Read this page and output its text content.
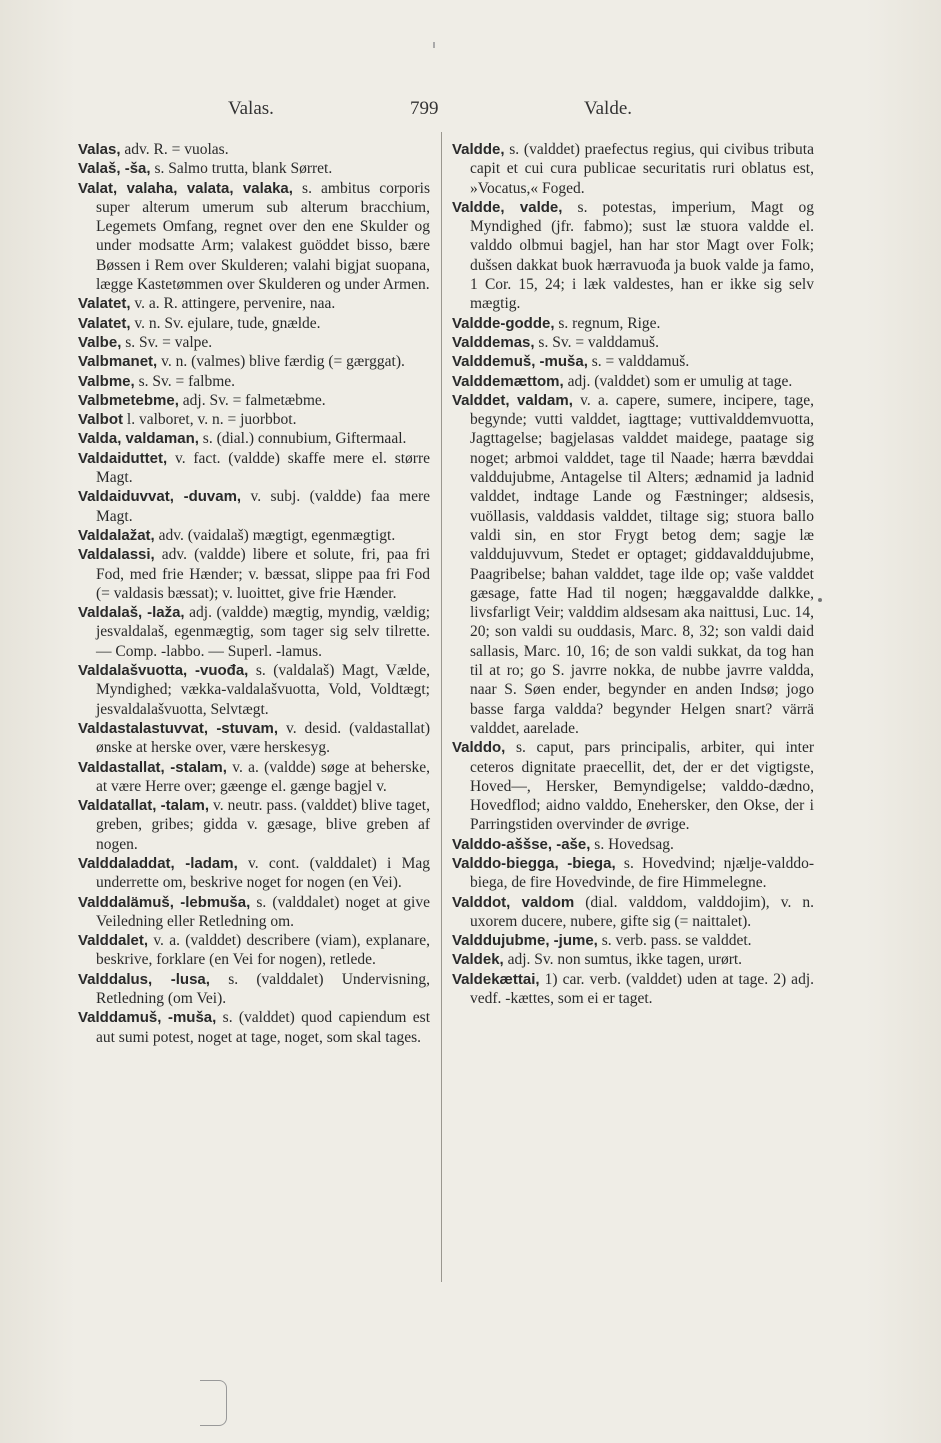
Valas.	799	Valde.

Valas, adv. R. = vuolas.

Valaš, -ša, s. Salmo trutta, blank Sørret.

Valat, valaha, valata, valaka, s. ambitus corporis super alterum umerum sub alterum bracchium, Legemets Omfang, regnet over den ene Skulder og under modsatte Arm; valakest guöddet bisso, bære Bøssen i Rem over Skulderen; valahi bigjat suopana, lægge Kastetømmen over Skulderen og under Armen.

Valatet, v. a. R. attingere, pervenire, naa.

Valatet, v. n. Sv. ejulare, tude, gnælde.

Valbe, s. Sv. = valpe.

Valbmanet, v. n. (valmes) blive færdig (= gærggat).

Valbme, s. Sv. = falbme.

Valbmetebme, adj. Sv. = falmetæbme.

Valbot l. valboret, v. n. = juorbbot.

Valda, valdaman, s. (dial.) connubium, Giftermaal.

Valdaiduttet, v. fact. (valdde) skaffe mere el. større Magt.

Valdaiduvvat, -duvam, v. subj. (valdde) faa mere Magt.

Valdalažat, adv. (vaidalaš) mægtigt, egenmægtigt.

Valdalassi, adv. (valdde) libere et solute, fri, paa fri Fod, med frie Hænder; v. bæssat, slippe paa fri Fod (= valdasis bæssat); v. luoittet, give frie Hænder.

Valdalaš, -laža, adj. (valdde) mægtig, myndig, vældig; jesvaldalaš, egenmægtig, som tager sig selv tilrette. — Comp. -labbo. — Superl. -lamus.

Valdalašvuotta, -vuođa, s. (valdalaš) Magt, Vælde, Myndighed; vækka-valdalašvuotta, Vold, Voldtægt; jesvaldalašvuotta, Selvtægt.

Valdastalastuvvat, -stuvam, v. desid. (valdastallat) ønske at herske over, være herskesyg.

Valdastallat, -stalam, v. a. (valdde) søge at beherske, at være Herre over; gæenge el. gænge bagjel v.

Valdatallat, -talam, v. neutr. pass. (valddet) blive taget, greben, gribes; gidda v. gæsage, blive greben af nogen.

Valddaladdat, -ladam, v. cont. (valddalet) i Mag underrette om, beskrive noget for nogen (en Vei).

Valddalämuš, -lebmuša, s. (valddalet) noget at give Veiledning eller Retledning om.

Valddalet, v. a. (valddet) describere (viam), explanare, beskrive, forklare (en Vei for nogen), retlede.

Valddalus, -lusa, s. (valddalet) Undervisning, Retledning (om Vei).

Valddamuš, -muša, s. (valddet) quod capiendum est aut sumi potest, noget at tage, noget, som skal tages.

Valdde, s. (valddet) praefectus regius, qui civibus tributa capit et cui cura publicae securitatis ruri oblatus est, »Vocatus,« Foged.

Valdde, valde, s. potestas, imperium, Magt og Myndighed (jfr. fabmo); sust læ stuora valdde el. valddo olbmui bagjel, han har stor Magt over Folk; dušsen dakkat buok hærravuođa ja buok valde ja famo, 1 Cor. 15, 24; i læk valdestes, han er ikke sig selv mægtig.

Valdde-godde, s. regnum, Rige.

Valddemas, s. Sv. = valddamuš.

Valddemuš, -muša, s. = valddamuš.

Valddemættom, adj. (valddet) som er umulig at tage.

Valddet, valdam, v. a. capere, sumere, incipere, tage, begynde; vutti valddet, iagttage; vuttivalddemvuotta, Jagttagelse; bagjelasas valddet maidege, paatage sig noget; arbmoi valddet, tage til Naade; hærra bævddai valddujubme, Antagelse til Alters; ædnamid ja ladnid valddet, indtage Lande og Fæstninger; aldsesis, vuöllasis, valddasis valddet, tiltage sig; stuora ballo valdi sin, en stor Frygt betog dem; sagje læ valddujuvvum, Stedet er optaget; giddavalddujubme, Paagribelse; bahan valddet, tage ilde op; vaše valddet gæsage, fatte Had til nogen; hæggavaldde dalkke, livsfarligt Veir; valddim aldsesam aka naittusi, Luc. 14, 20; son valdi su ouddasis, Marc. 8, 32; son valdi daid sallasis, Marc. 10, 16; de son valdi sukkat, da tog han til at ro; go S. javrre nokka, de nubbe javrre valdda, naar S. Søen ender, begynder en anden Indsø; jogo basse farga valdda? begynder Helgen snart? värrä valddet, aarelade.

Valddo, s. caput, pars principalis, arbiter, qui inter ceteros dignitate praecellit, det, der er det vigtigste, Hoved—, Hersker, Bemyndigelse; valddo-dædno, Hovedflod; aidno valddo, Enehersker, den Okse, der i Parringstiden overvinder de øvrige.

Valddo-aššse, -aše, s. Hovedsag.

Valddo-biegga, -biega, s. Hovedvind; njælje-valddo-biega, de fire Hovedvinde, de fire Himmelegne.

Valddot, valdom (dial. valddom, valddojim), v. n. uxorem ducere, nubere, gifte sig (= naittalet).

Valddujubme, -jume, s. verb. pass. se valddet.

Valdek, adj. Sv. non sumtus, ikke tagen, urørt.

Valdekættai, 1) car. verb. (valddet) uden at tage. 2) adj. vedf. -kættes, som ei er taget.
